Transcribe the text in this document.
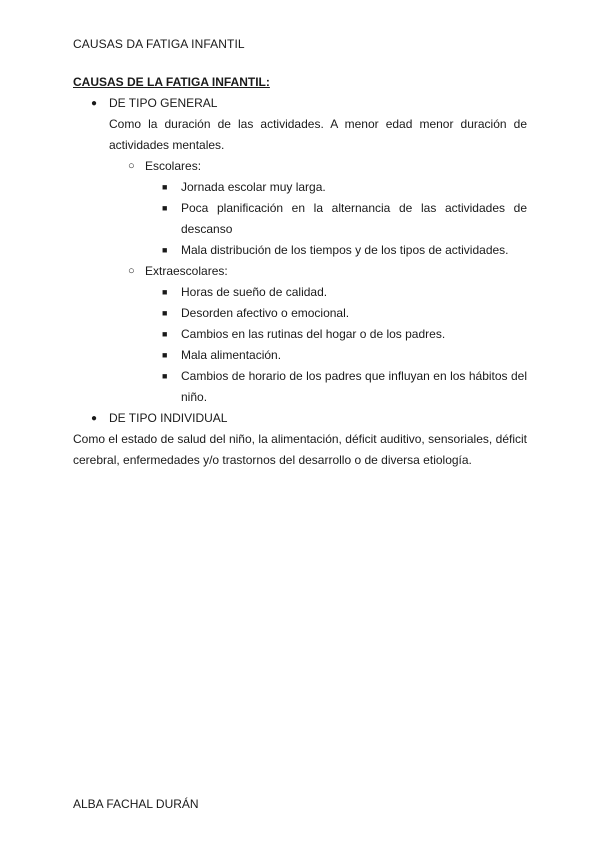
CAUSAS DA FATIGA INFANTIL
CAUSAS DE LA FATIGA INFANTIL:
● DE TIPO GENERAL
Como la duración de las actividades. A menor edad menor duración de actividades mentales.
○ Escolares:
■ Jornada escolar muy larga.
■ Poca planificación en la alternancia de las actividades de descanso
■ Mala distribución de los tiempos y de los tipos de actividades.
○ Extraescolares:
■ Horas de sueño de calidad.
■ Desorden afectivo o emocional.
■ Cambios en las rutinas del hogar o de los padres.
■ Mala alimentación.
■ Cambios de horario de los padres que influyan en los hábitos del niño.
● DE TIPO INDIVIDUAL
Como el estado de salud del niño, la alimentación, déficit auditivo, sensoriales, déficit cerebral, enfermedades y/o trastornos del desarrollo o de diversa etiología.
ALBA FACHAL DURÁN
